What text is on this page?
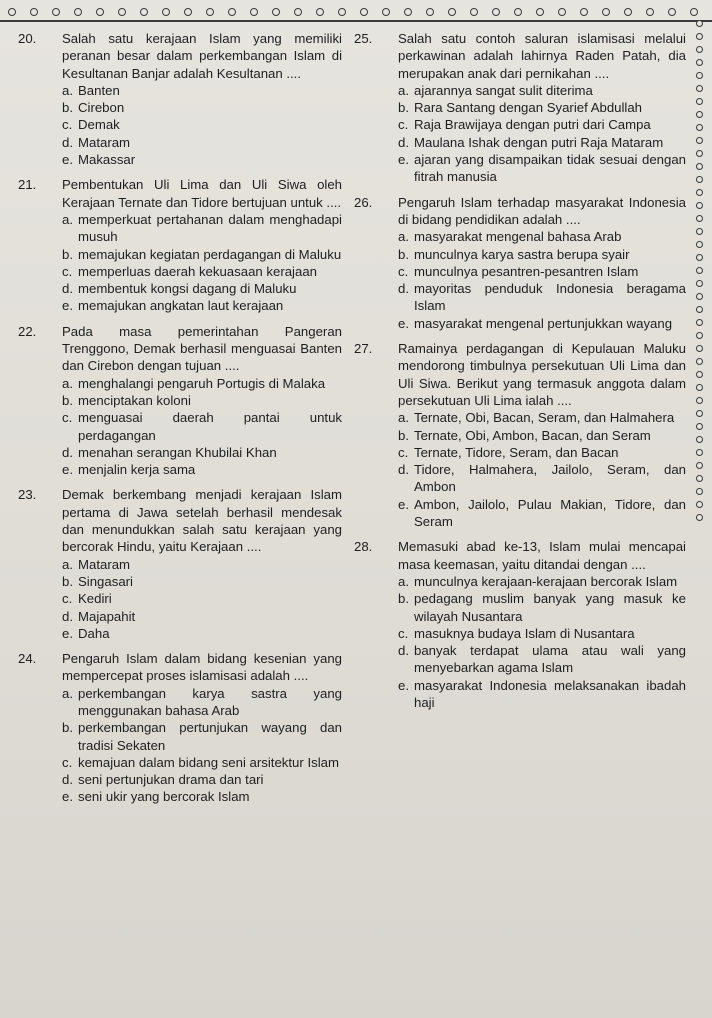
20.	Salah satu kerajaan Islam yang memiliki peranan besar dalam perkembangan Islam di Kesultanan Banjar adalah Kesultanan ....
a. Banten
b. Cirebon
c. Demak
d. Mataram
e. Makassar
21.	Pembentukan Uli Lima dan Uli Siwa oleh Kerajaan Ternate dan Tidore bertujuan untuk ....
a. memperkuat pertahanan dalam menghadapi musuh
b. memajukan kegiatan perdagangan di Maluku
c. memperluas daerah kekuasaan kerajaan
d. membentuk kongsi dagang di Maluku
e. memajukan angkatan laut kerajaan
22.	Pada masa pemerintahan Pangeran Trenggono, Demak berhasil menguasai Banten dan Cirebon dengan tujuan ....
a. menghalangi pengaruh Portugis di Malaka
b. menciptakan koloni
c. menguasai daerah pantai untuk perdagangan
d. menahan serangan Khubilai Khan
e. menjalin kerja sama
23.	Demak berkembang menjadi kerajaan Islam pertama di Jawa setelah berhasil mendesak dan menundukkan salah satu kerajaan yang bercorak Hindu, yaitu Kerajaan ....
a. Mataram
b. Singasari
c. Kediri
d. Majapahit
e. Daha
24.	Pengaruh Islam dalam bidang kesenian yang mempercepat proses islamisasi adalah ....
a. perkembangan karya sastra yang menggunakan bahasa Arab
b. perkembangan pertunjukan wayang dan tradisi Sekaten
c. kemajuan dalam bidang seni arsitektur Islam
d. seni pertunjukan drama dan tari
e. seni ukir yang bercorak Islam
25.	Salah satu contoh saluran islamisasi melalui perkawinan adalah lahirnya Raden Patah, dia merupakan anak dari pernikahan ....
a. ajarannya sangat sulit diterima
b. Rara Santang dengan Syarief Abdullah
c. Raja Brawijaya dengan putri dari Campa
d. Maulana Ishak dengan putri Raja Mataram
e. ajaran yang disampaikan tidak sesuai dengan fitrah manusia
26.	Pengaruh Islam terhadap masyarakat Indonesia di bidang pendidikan adalah ....
a. masyarakat mengenal bahasa Arab
b. munculnya karya sastra berupa syair
c. munculnya pesantren-pesantren Islam
d. mayoritas penduduk Indonesia beragama Islam
e. masyarakat mengenal pertunjukkan wayang
27.	Ramainya perdagangan di Kepulauan Maluku mendorong timbulnya persekutuan Uli Lima dan Uli Siwa. Berikut yang termasuk anggota dalam persekutuan Uli Lima ialah ....
a. Ternate, Obi, Bacan, Seram, dan Halmahera
b. Ternate, Obi, Ambon, Bacan, dan Seram
c. Ternate, Tidore, Seram, dan Bacan
d. Tidore, Halmahera, Jailolo, Seram, dan Ambon
e. Ambon, Jailolo, Pulau Makian, Tidore, dan Seram
28.	Memasuki abad ke-13, Islam mulai mencapai masa keemasan, yaitu ditandai dengan ....
a. munculnya kerajaan-kerajaan bercorak Islam
b. pedagang muslim banyak yang masuk ke wilayah Nusantara
c. masuknya budaya Islam di Nusantara
d. banyak terdapat ulama atau wali yang menyebarkan agama Islam
e. masyarakat Indonesia melaksanakan ibadah haji
